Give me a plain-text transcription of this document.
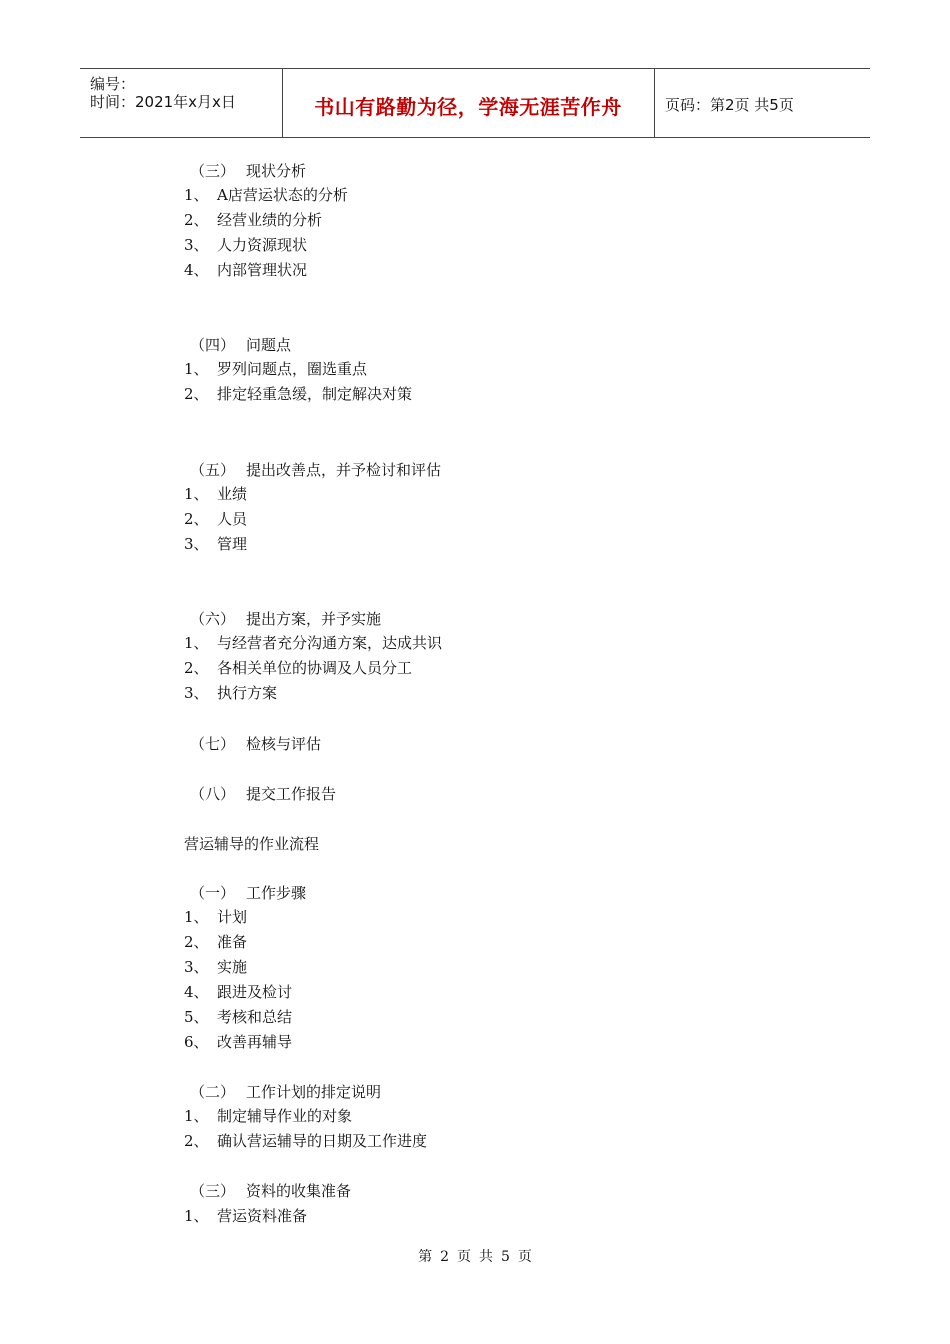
编号：
时间：2021年x月x日	书山有路勤为径，学海无涯苦作舟	页码：第2页 共5页
（三） 现状分析
1、 A店营运状态的分析
2、 经营业绩的分析
3、 人力资源现状
4、 内部管理状况
（四） 问题点
1、 罗列问题点，圈选重点
2、 排定轻重急缓，制定解决对策
（五） 提出改善点，并予检讨和评估
1、 业绩
2、 人员
3、 管理
（六） 提出方案，并予实施
1、 与经营者充分沟通方案，达成共识
2、 各相关单位的协调及人员分工
3、 执行方案
（七） 检核与评估
（八） 提交工作报告
营运辅导的作业流程
（一） 工作步骤
1、 计划
2、 准备
3、 实施
4、 跟进及检讨
5、 考核和总结
6、 改善再辅导
（二） 工作计划的排定说明
1、 制定辅导作业的对象
2、 确认营运辅导的日期及工作进度
（三） 资料的收集准备
1、 营运资料准备
第 2 页 共 5 页
